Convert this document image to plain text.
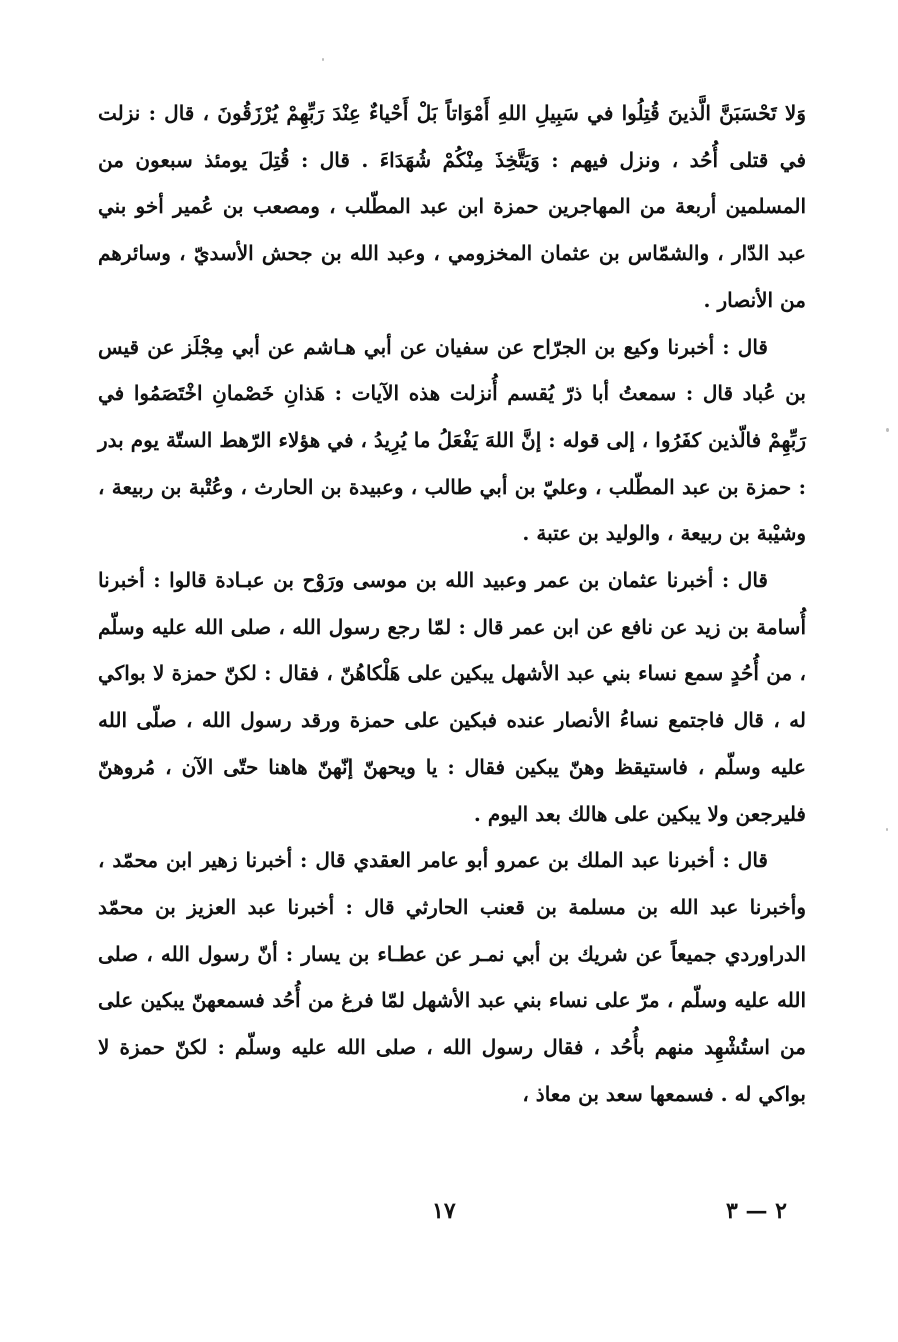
وَلا تَحْسَبَنَّ الَّذينَ قُتِلُوا في سَبِيلِ اللهِ أَمْوَاتاً بَلْ أَحْياءٌ عِنْدَ رَبِّهِمْ يُرْزَقُونَ ، قال : نزلت في قتلى أُحُد ، ونزل فيهم : وَيَتَّخِذَ مِنْكُمْ شُهَدَاءَ . قال : قُتِلَ يومئذ سبعون من المسلمين أربعة من المهاجرين حمزة ابن عبد المطّلب ، ومصعب بن عُمير أخو بني عبد الدّار ، والشمّاس بن عثمان المخزومي ، وعبد الله بن جحش الأسديّ ، وسائرهم من الأنصار .

قال : أخبرنا وكيع بن الجرّاح عن سفيان عن أبي هـاشم عن أبي مِجْلَز عن قيس بن عُباد قال : سمعتُ أبا ذرّ يُقسم أُنزلت هذه الآيات : هَذانِ خَصْمانِ اخْتَصَمُوا في رَبِّهِمْ فالّذين كفَرُوا ، إلى قوله : إنَّ اللهَ يَفْعَلُ ما يُرِيدُ ، في هؤلاء الرّهط الستّة يوم بدر : حمزة بن عبد المطّلب ، وعليّ بن أبي طالب ، وعبيدة بن الحارث ، وعُتْبة بن ربيعة ، وشيْبة بن ربيعة ، والوليد بن عتبة .

قال : أخبرنا عثمان بن عمر وعبيد الله بن موسى ورَوْح بن عبـادة قالوا : أخبرنا أُسامة بن زيد عن نافع عن ابن عمر قال : لمّا رجع رسول الله ، صلى الله عليه وسلّم ، من أُحُدٍ سمع نساء بني عبد الأشهل يبكين على هَلْكاهُنّ ، فقال : لكنّ حمزة لا بواكي له ، قال فاجتمع نساءُ الأنصار عنده فبكين على حمزة ورقد رسول الله ، صلّى الله عليه وسلّم ، فاستيقظ وهنّ يبكين فقال : يا ويحهنّ إنّهنّ هاهنا حتّى الآن ، مُروهنّ فليرجعن ولا يبكين على هالك بعد اليوم .

قال : أخبرنا عبد الملك بن عمرو أبو عامر العقدي قال : أخبرنا زهير ابن محمّد ، وأخبرنا عبد الله بن مسلمة بن قعنب الحارثي قال : أخبرنا عبد العزيز بن محمّد الدراوردي جميعاً عن شريك بن أبي نمـر عن عطـاء بن يسار : أنّ رسول الله ، صلى الله عليه وسلّم ، مرّ على نساء بني عبد الأشهل لمّا فرغ من أُحُد فسمعهنّ يبكين على من استُشْهِد منهم بأُحُد ، فقال رسول الله ، صلى الله عليه وسلّم : لكنّ حمزة لا بواكي له . فسمعها سعد بن معاذ ،

١٧	٢ — ٣
